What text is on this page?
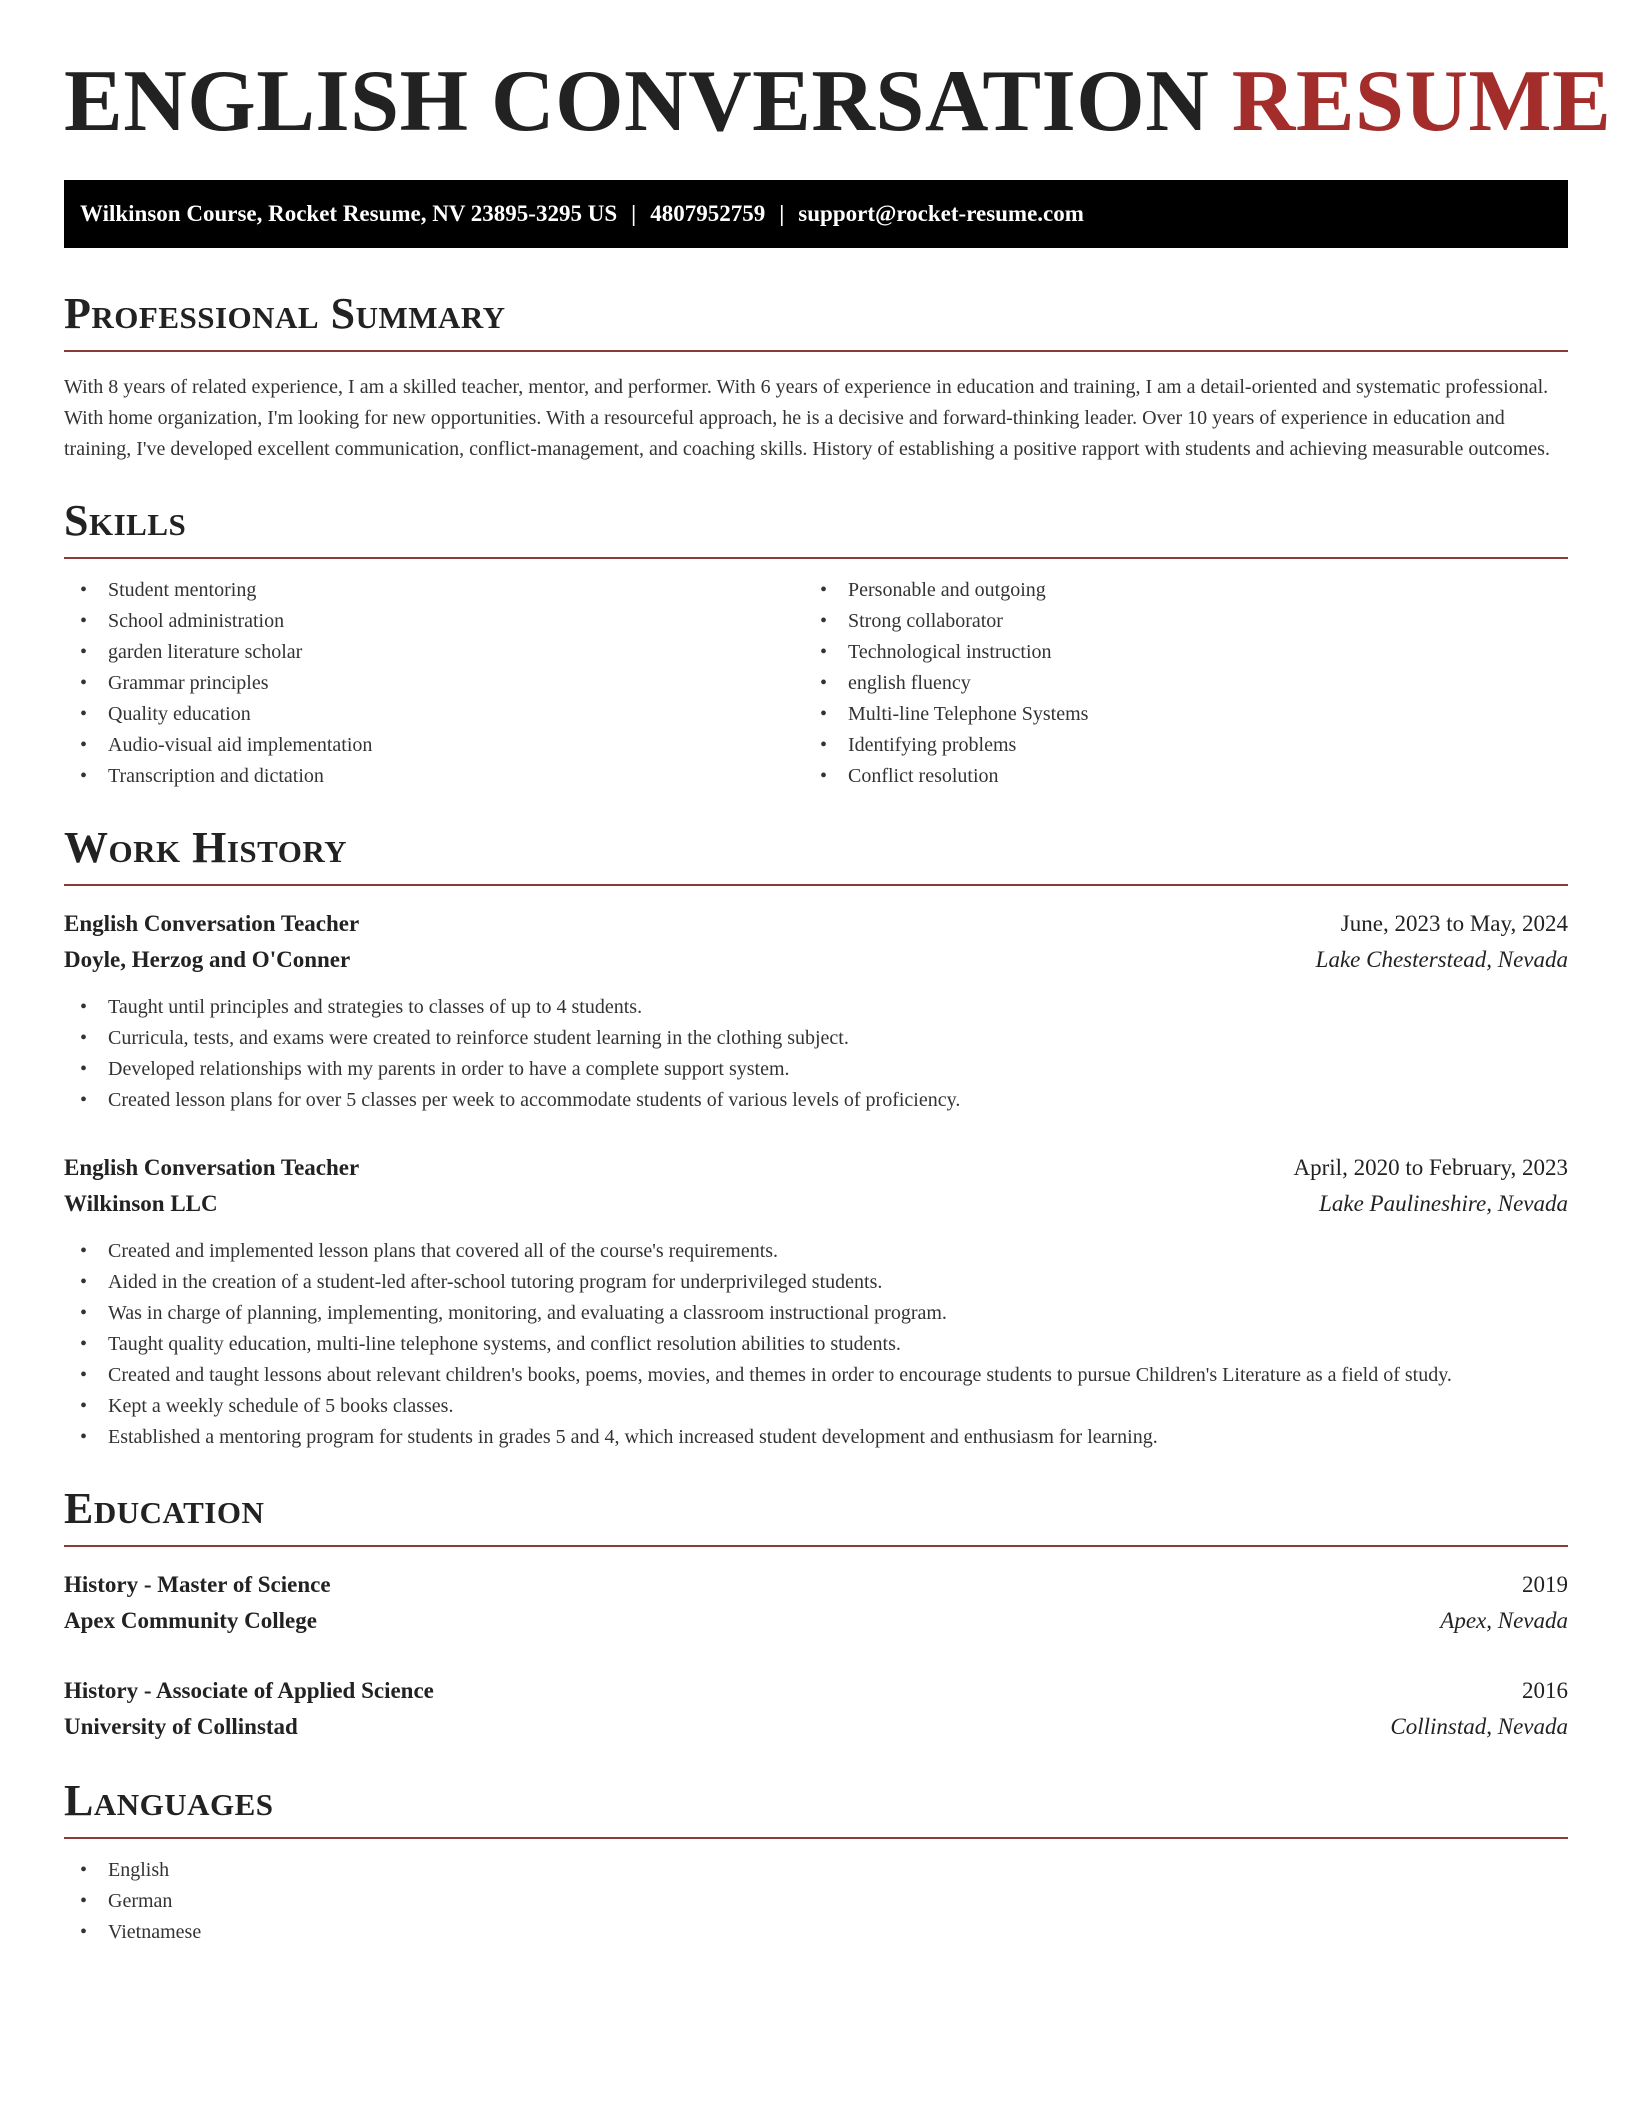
ENGLISH CONVERSATION RESUME
Wilkinson Course, Rocket Resume, NV 23895-3295 US | 4807952759 | support@rocket-resume.com
Professional Summary

With 8 years of related experience, I am a skilled teacher, mentor, and performer. With 6 years of experience in education and training, I am a detail-oriented and systematic professional. With home organization, I'm looking for new opportunities. With a resourceful approach, he is a decisive and forward-thinking leader. Over 10 years of experience in education and training, I've developed excellent communication, conflict-management, and coaching skills. History of establishing a positive rapport with students and achieving measurable outcomes.

Skills
• Student mentoring
• School administration
• garden literature scholar
• Grammar principles
• Quality education
• Audio-visual aid implementation
• Transcription and dictation
• Personable and outgoing
• Strong collaborator
• Technological instruction
• english fluency
• Multi-line Telephone Systems
• Identifying problems
• Conflict resolution
Work History
English Conversation Teacher	June, 2023 to May, 2024
Doyle, Herzog and O'Conner	Lake Chesterstead, Nevada
• Taught until principles and strategies to classes of up to 4 students.
• Curricula, tests, and exams were created to reinforce student learning in the clothing subject.
• Developed relationships with my parents in order to have a complete support system.
• Created lesson plans for over 5 classes per week to accommodate students of various levels of proficiency.
English Conversation Teacher	April, 2020 to February, 2023
Wilkinson LLC	Lake Paulineshire, Nevada
• Created and implemented lesson plans that covered all of the course's requirements.
• Aided in the creation of a student-led after-school tutoring program for underprivileged students.
• Was in charge of planning, implementing, monitoring, and evaluating a classroom instructional program.
• Taught quality education, multi-line telephone systems, and conflict resolution abilities to students.
• Created and taught lessons about relevant children's books, poems, movies, and themes in order to encourage students to pursue Children's Literature as a field of study.
• Kept a weekly schedule of 5 books classes.
• Established a mentoring program for students in grades 5 and 4, which increased student development and enthusiasm for learning.
Education
History - Master of Science	2019
Apex Community College	Apex, Nevada
History - Associate of Applied Science	2016
University of Collinstad	Collinstad, Nevada
Languages
• English
• German
• Vietnamese
